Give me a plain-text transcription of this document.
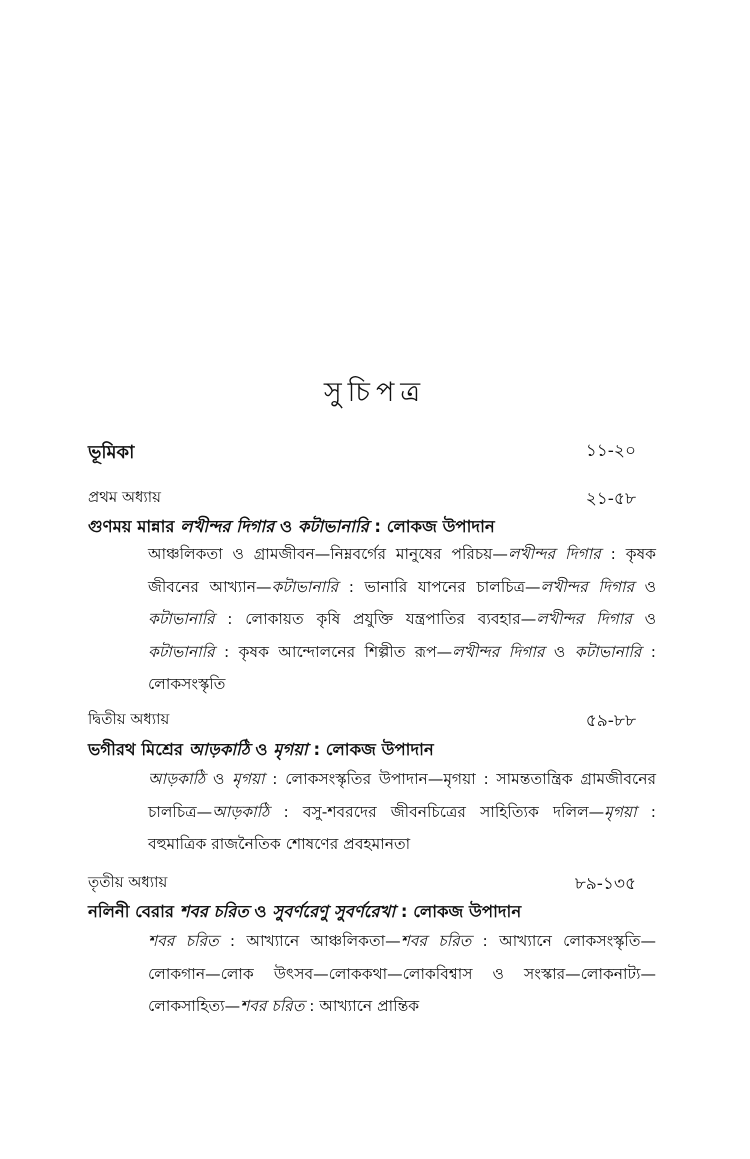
সুচিপত্র
ভূমিকা	১১-২০
প্রথম অধ্যায়	২১-৫৮
গুণময় মান্নার লখীন্দর দিগার ও কটাভানারি : লোকজ উপাদান
আঞ্চলিকতা ও গ্রামজীবন—নিম্নবর্গের মানুষের পরিচয়—লখীন্দর দিগার : কৃষক জীবনের আখ্যান—কটাভানারি : ভানারি যাপনের চালচিত্র—লখীন্দর দিগার ও কটাভানারি : লোকায়ত কৃষি প্রযুক্তি যন্ত্রপাতির ব্যবহার—লখীন্দর দিগার ও কটাভানারি : কৃষক আন্দোলনের শিল্পীত রূপ—লখীন্দর দিগার ও কটাভানারি : লোকসংস্কৃতি
দ্বিতীয় অধ্যায়	৫৯-৮৮
ভগীরথ মিশ্রের আড়কাঠি ও মৃগয়া : লোকজ উপাদান
আড়কাঠি ও মৃগয়া : লোকসংস্কৃতির উপাদান—মৃগয়া : সামন্ততান্ত্রিক গ্রামজীবনের চালচিত্র—আড়কাঠি : বসু-শবরদের জীবনচিত্রের সাহিত্যিক দলিল—মৃগয়া : বহুমাত্রিক রাজনৈতিক শোষণের প্রবহমানতা
তৃতীয় অধ্যায়	৮৯-১৩৫
নলিনী বেরার শবর চরিত ও সুবর্ণরেণু সুবর্ণরেখা : লোকজ উপাদান
শবর চরিত : আখ্যানে আঞ্চলিকতা—শবর চরিত : আখ্যানে লোকসংস্কৃতি—লোকগান—লোক উৎসব—লোককথা—লোকবিশ্বাস ও সংস্কার—লোকনাট্য—লোকসাহিত্য—শবর চরিত : আখ্যানে প্রান্তিক
